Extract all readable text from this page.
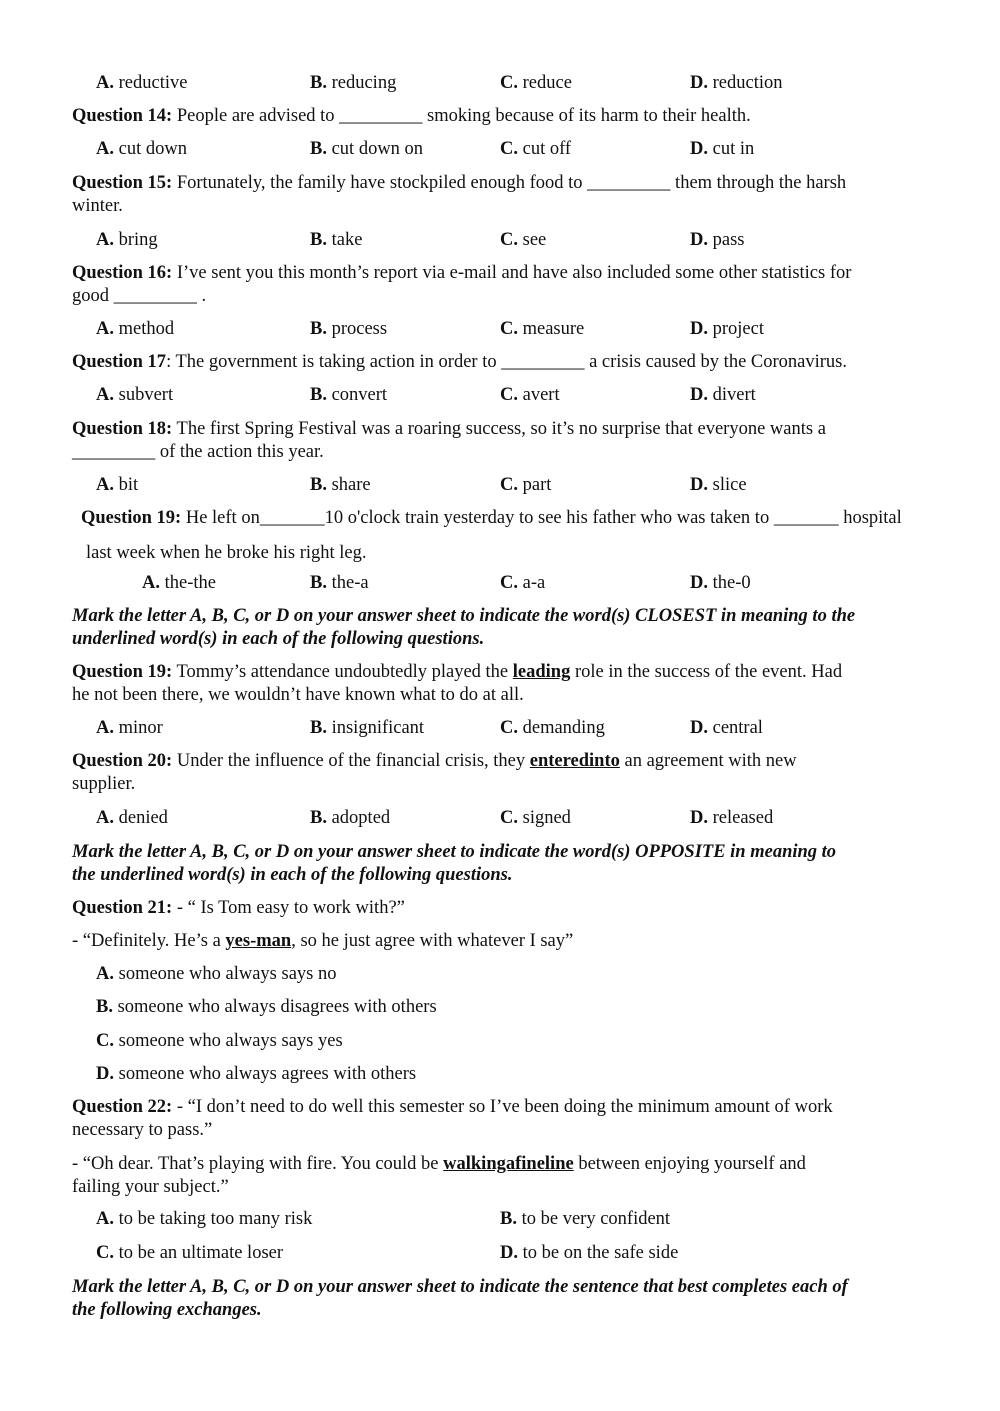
A. reductive	B. reducing	C. reduce	D. reduction
Question 14: People are advised to _________ smoking because of its harm to their health.
A. cut down	B. cut down on	C. cut off	D. cut in
Question 15: Fortunately, the family have stockpiled enough food to _________ them through the harsh
winter.
A. bring	B. take	C. see	D. pass
Question 16: I’ve sent you this month’s report via e-mail and have also included some other statistics for
good _________ .
A. method	B. process	C. measure	D. project
Question 17: The government is taking action in order to _________ a crisis caused by the Coronavirus.
A. subvert	B. convert	C. avert	D. divert
Question 18: The first Spring Festival was a roaring success, so it’s no surprise that everyone wants a
_________ of the action this year.
A. bit	B. share	C. part	D. slice
Question 19: He left on_______10 o'clock train yesterday to see his father who was taken to _______ hospital
last week when he broke his right leg.
A. the-the	B. the-a	C. a-a	D. the-0
Mark the letter A, B, C, or D on your answer sheet to indicate the word(s) CLOSEST in meaning to the
underlined word(s) in each of the following questions.
Question 19: Tommy’s attendance undoubtedly played the leading role in the success of the event. Had
he not been there, we wouldn’t have known what to do at all.
A. minor	B. insignificant	C. demanding	D. central
Question 20: Under the influence of the financial crisis, they enteredinto an agreement with new
supplier.
A. denied	B. adopted	C. signed	D. released
Mark the letter A, B, C, or D on your answer sheet to indicate the word(s) OPPOSITE in meaning to
the underlined word(s) in each of the following questions.
Question 21: - “ Is Tom easy to work with?”
- “Definitely. He’s a yes-man, so he just agree with whatever I say”
A. someone who always says no
B. someone who always disagrees with others
C. someone who always says yes
D. someone who always agrees with others
Question 22: - “I don’t need to do well this semester so I’ve been doing the minimum amount of work
necessary to pass.”
- “Oh dear. That’s playing with fire. You could be walkingafineline between enjoying yourself and
failing your subject.”
A. to be taking too many risk	B. to be very confident
C. to be an ultimate loser	D. to be on the safe side
Mark the letter A, B, C, or D on your answer sheet to indicate the sentence that best completes each of
the following exchanges.
